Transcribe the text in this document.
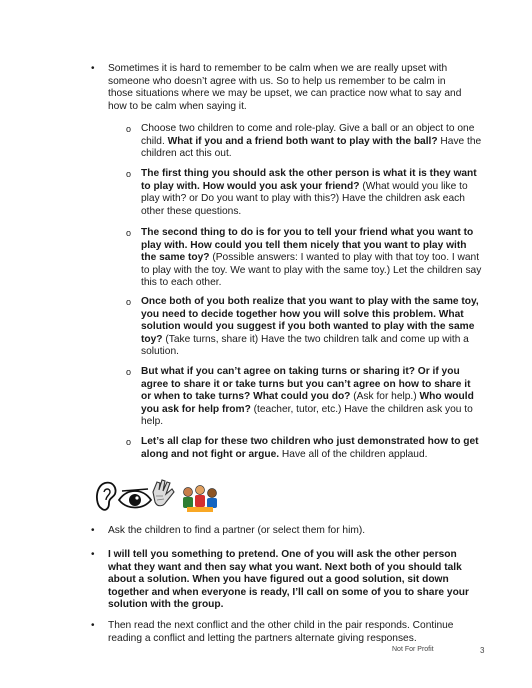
• Sometimes it is hard to remember to be calm when we are really upset with someone who doesn’t agree with us. So to help us remember to be calm in those situations where we may be upset, we can practice now what to say and how to be calm when saying it.
o Choose two children to come and role-play. Give a ball or an object to one child. What if you and a friend both want to play with the ball? Have the children act this out.
o The first thing you should ask the other person is what it is they want to play with. How would you ask your friend? (What would you like to play with? or Do you want to play with this?) Have the children ask each other these questions.
o The second thing to do is for you to tell your friend what you want to play with. How could you tell them nicely that you want to play with the same toy? (Possible answers: I wanted to play with that toy too. I want to play with the toy. We want to play with the same toy.) Let the children say this to each other.
o Once both of you both realize that you want to play with the same toy, you need to decide together how you will solve this problem. What solution would you suggest if you both wanted to play with the same toy? (Take turns, share it) Have the two children talk and come up with a solution.
o But what if you can’t agree on taking turns or sharing it? Or if you agree to share it or take turns but you can’t agree on how to share it or when to take turns? What could you do? (Ask for help.) Who would you ask for help from? (teacher, tutor, etc.) Have the children ask you to help.
o Let’s all clap for these two children who just demonstrated how to get along and not fight or argue. Have all of the children applaud.
• Ask the children to find a partner (or select them for him).
• I will tell you something to pretend. One of you will ask the other person what they want and then say what you want. Next both of you should talk about a solution. When you have figured out a good solution, sit down together and when everyone is ready, I’ll call on some of you to share your solution with the group.
• Then read the next conflict and the other child in the pair responds. Continue reading a conflict and letting the partners alternate giving responses.
Not For Profit	3
